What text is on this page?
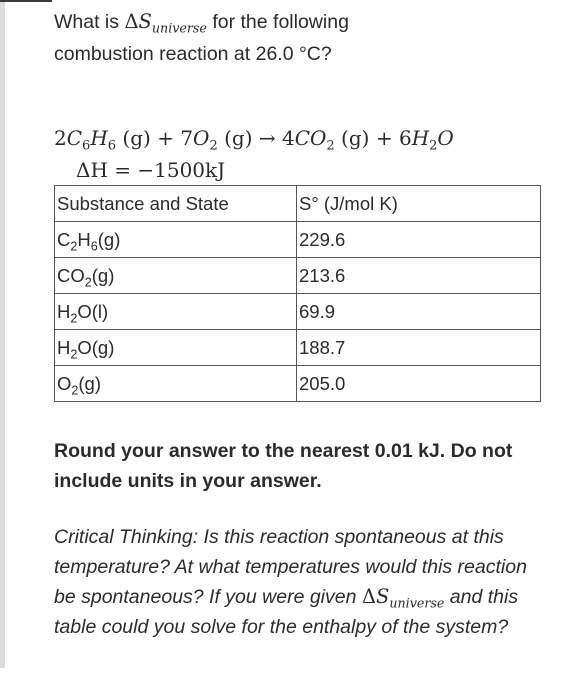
What is $\Delta S_{universe}$ for the following
combustion reaction at 26.0 °C?

$2C_6H_6$ $(g) + 7O_2$ $(g) \to 4CO_2$ $(g) + 6H_2O$
ΔH = −1500kJ
Substance and State	S° (J/mol K)
$C_2H_6(g)$	229.6
$CO_2(g)$	213.6
$H_2O(l)$	69.9
$H_2O(g)$	188.7
$O_2(g)$	205.0

Round your answer to the nearest 0.01 kJ. Do not include units in your answer.

Critical Thinking: Is this reaction spontaneous at this temperature? At what temperatures would this reaction be spontaneous? If you were given $\Delta S_{universe}$ and this table could you solve for the enthalpy of the system?
